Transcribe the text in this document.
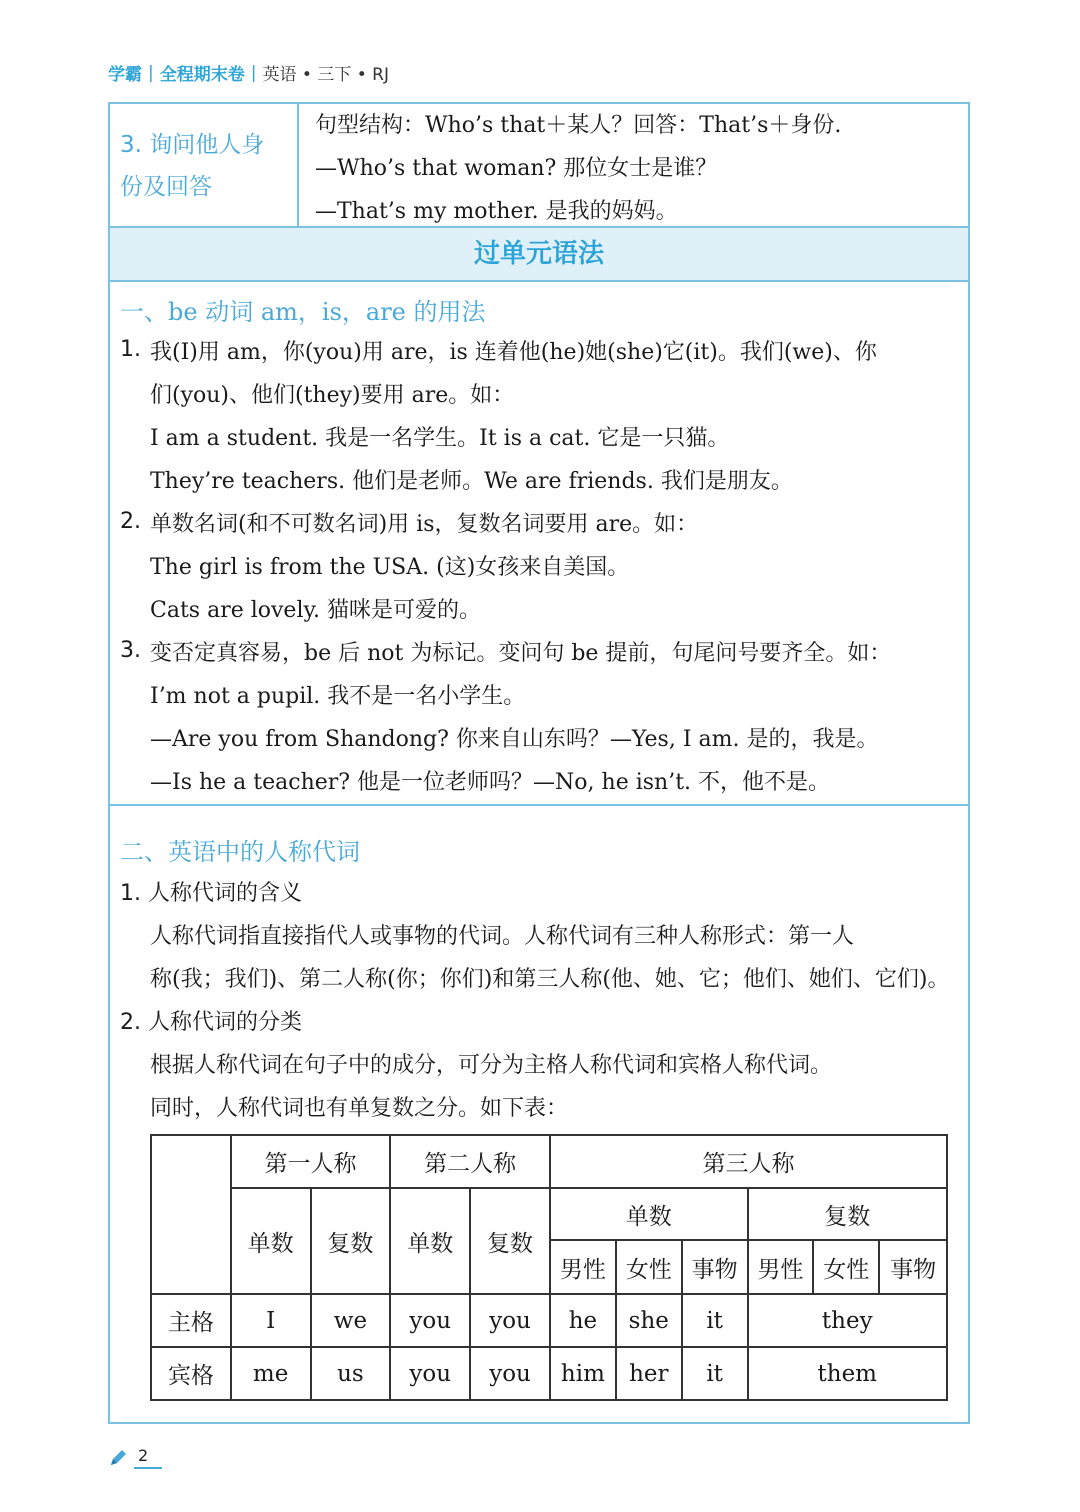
学霸 | 全程期末卷 | 英语 • 三下 • RJ
3. 询问他人身
份及回答
句型结构：Who’s that＋某人？回答：That’s＋身份.
—Who’s that woman? 那位女士是谁？
—That’s my mother. 是我的妈妈。
过单元语法
一、be 动词 am，is，are 的用法
1. 我(I)用 am，你(you)用 are，is 连着他(he)她(she)它(it)。我们(we)、你
们(you)、他们(they)要用 are。如：
I am a student. 我是一名学生。It is a cat. 它是一只猫。
They’re teachers. 他们是老师。We are friends. 我们是朋友。
2. 单数名词(和不可数名词)用 is，复数名词要用 are。如：
The girl is from the USA. (这)女孩来自美国。
Cats are lovely. 猫咪是可爱的。
3. 变否定真容易，be 后 not 为标记。变问句 be 提前，句尾问号要齐全。如：
I’m not a pupil. 我不是一名小学生。
—Are you from Shandong? 你来自山东吗？—Yes, I am. 是的，我是。
—Is he a teacher? 他是一位老师吗？—No, he isn’t. 不，他不是。
二、英语中的人称代词
1. 人称代词的含义
人称代词指直接指代人或事物的代词。人称代词有三种人称形式：第一人
称(我；我们)、第二人称(你；你们)和第三人称(他、她、它；他们、她们、它们)。
2. 人称代词的分类
根据人称代词在句子中的成分，可分为主格人称代词和宾格人称代词。
同时，人称代词也有单复数之分。如下表：
	第一人称		第二人称		第三人称					
	单数	复数	单数	复数	单数			复数		
					男性	女性	事物	男性	女性	事物
主格	I	we	you	you	he	she	it	they		
宾格	me	us	you	you	him	her	it	them		
2
